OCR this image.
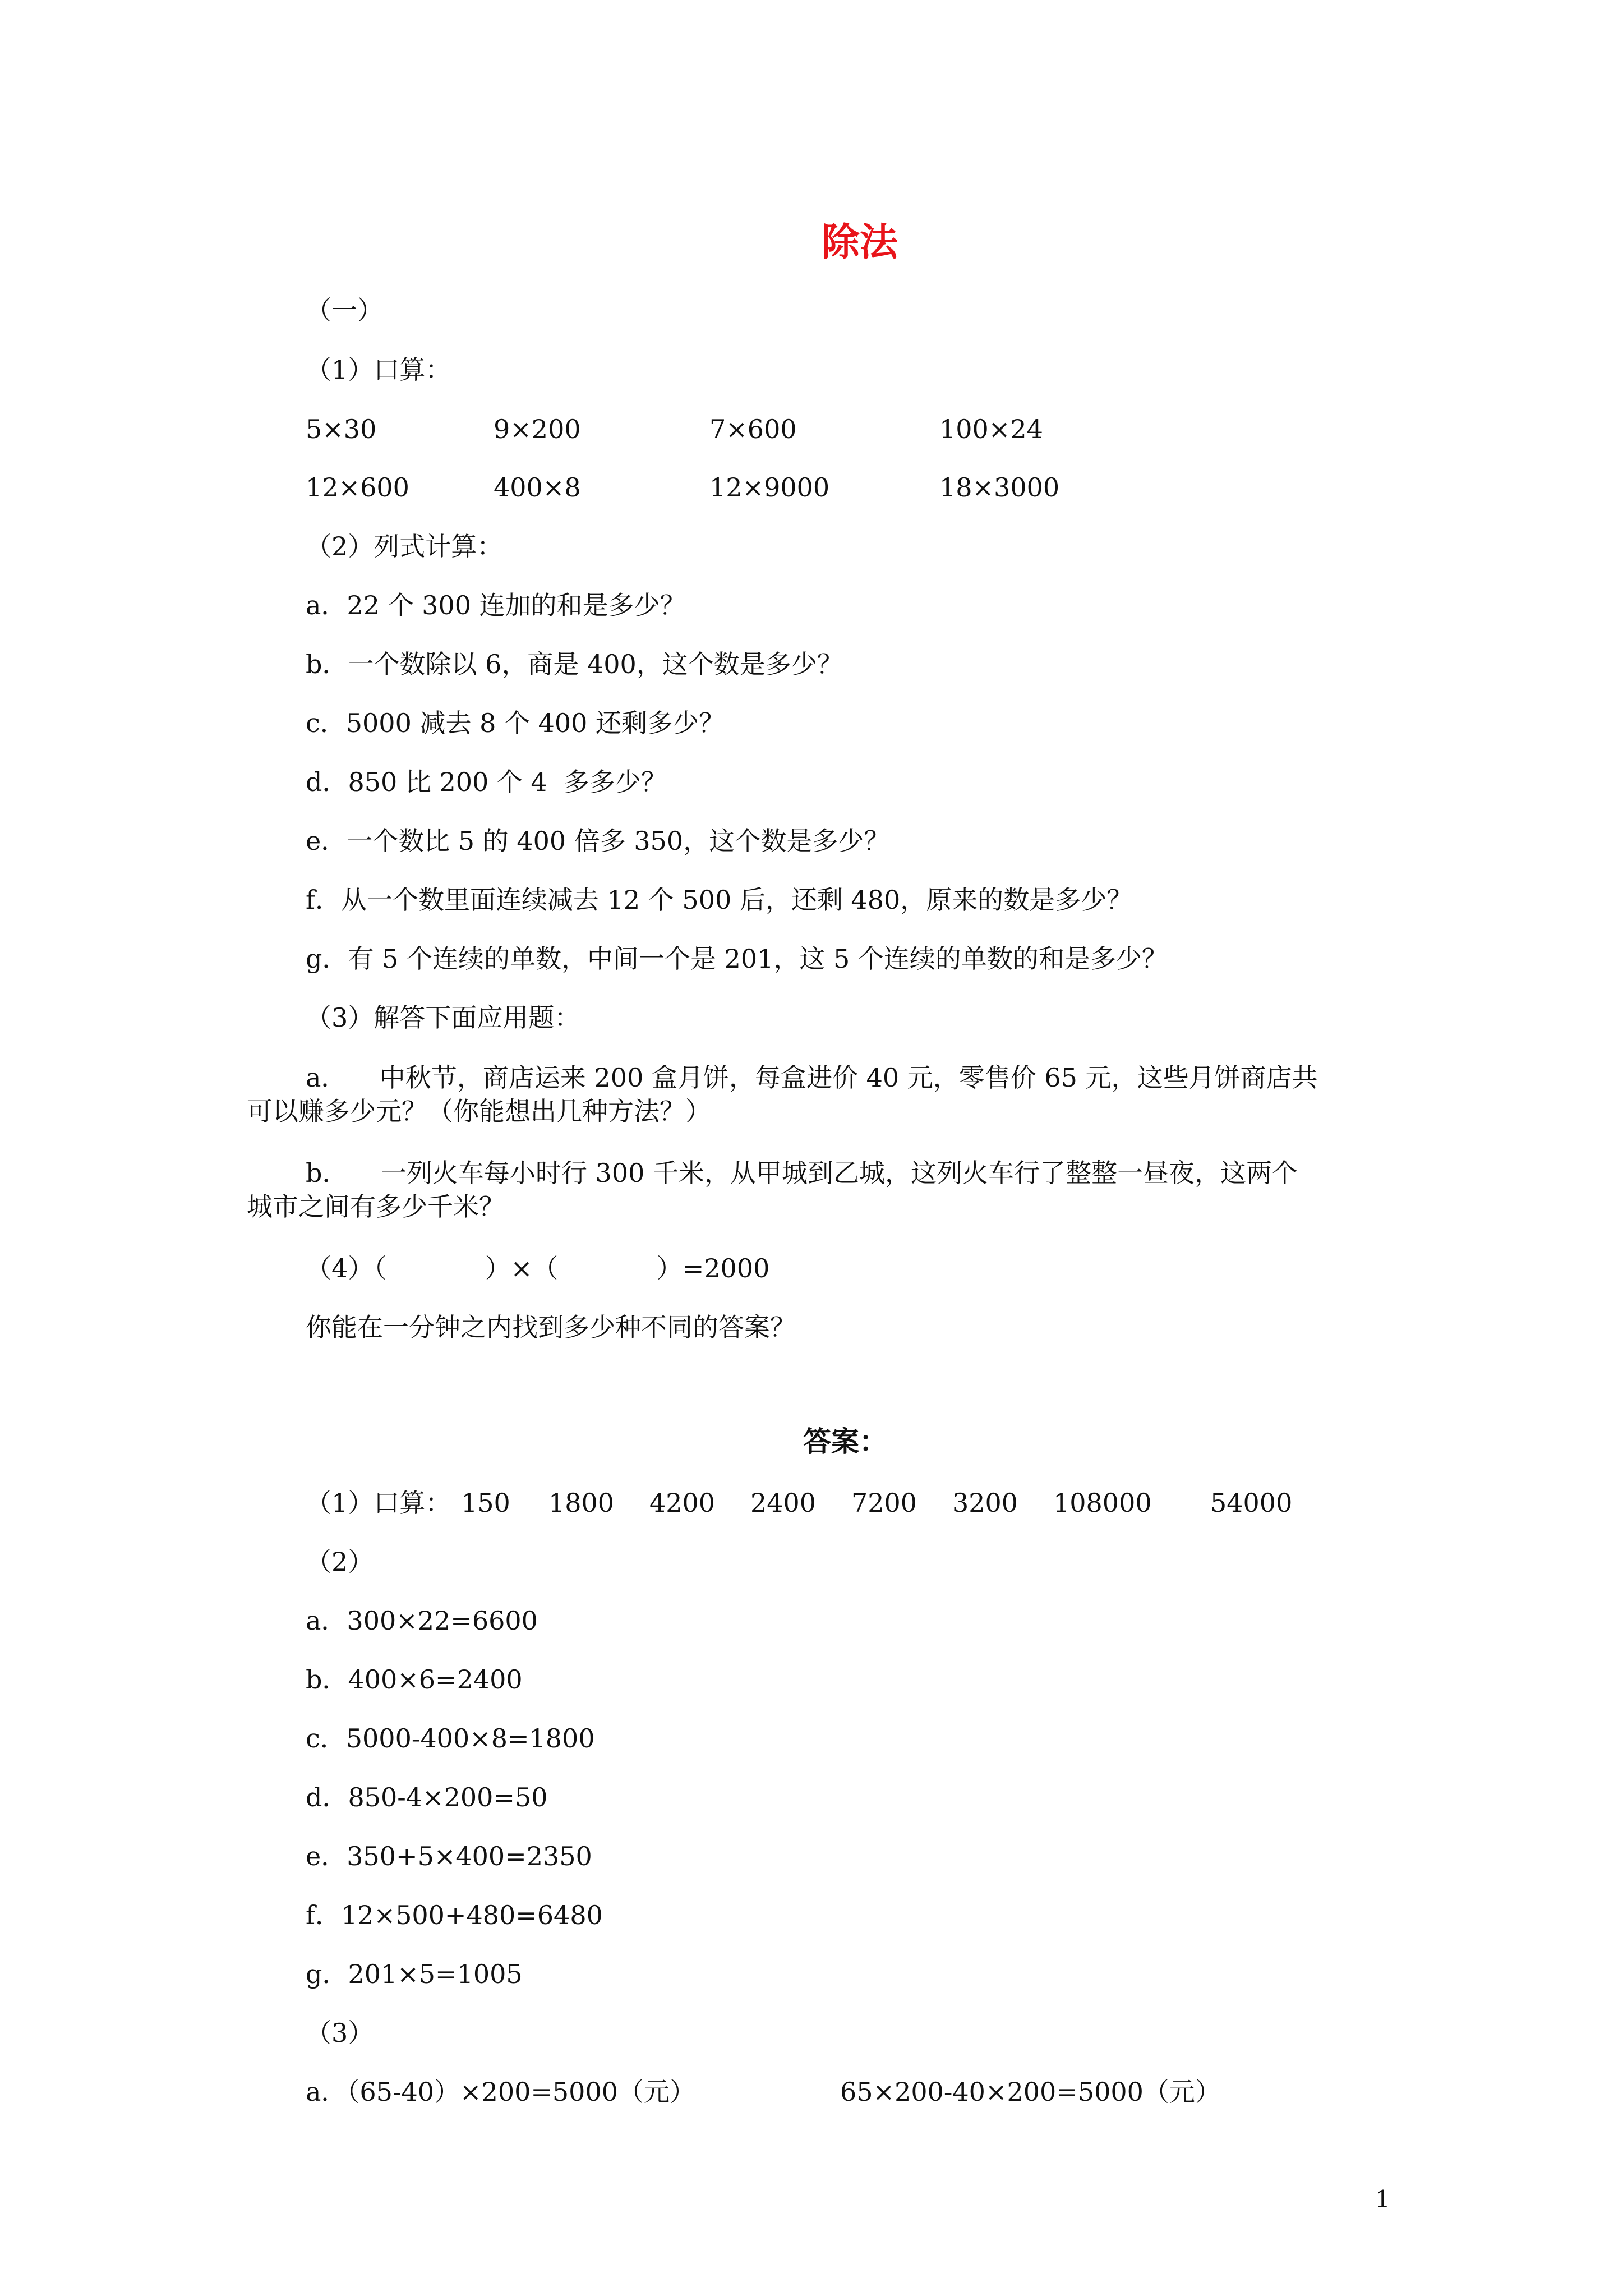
除法
（一）
（1）口算：
5×30	9×200	7×600	100×24
12×600	400×8	12×9000	18×3000
（2）列式计算：
a．22 个 300 连加的和是多少？
b．一个数除以 6，商是 400，这个数是多少？
c．5000 减去 8 个 400 还剩多少？
d．850 比 200 个 4  多多少？
e．一个数比 5 的 400 倍多 350，这个数是多少？
f．从一个数里面连续减去 12 个 500 后，还剩 480，原来的数是多少？
g．有 5 个连续的单数，中间一个是 201，这 5 个连续的单数的和是多少？
（3）解答下面应用题：
a．    中秋节，商店运来 200 盒月饼，每盒进价 40 元，零售价 65 元，这些月饼商店共
可以赚多少元？（你能想出几种方法？）
b．    一列火车每小时行 300 千米，从甲城到乙城，这列火车行了整整一昼夜，这两个
城市之间有多少千米？
（4）（            ）×（            ）=2000
你能在一分钟之内找到多少种不同的答案？
答案：
（1）口算： 150 1800 4200 2400 7200 3200 108000 54000
（2）
a．300×22=6600
b．400×6=2400
c．5000-400×8=1800
d．850-4×200=50
e．350+5×400=2350
f．12×500+480=6480
g．201×5=1005
（3）
a．（65-40）×200=5000（元）	65×200-40×200=5000（元）
1
